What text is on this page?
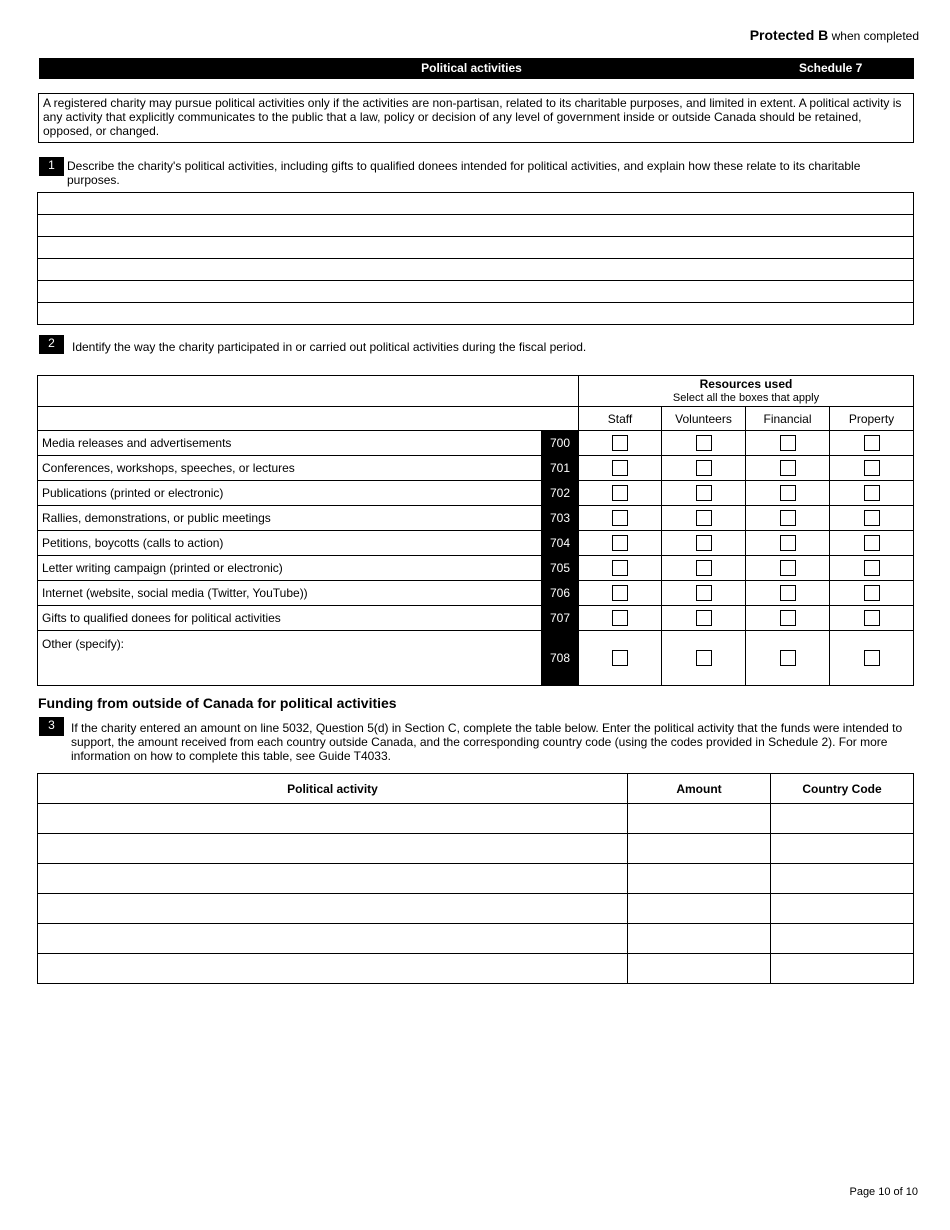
Protected B when completed
Political activities	Schedule 7
A registered charity may pursue political activities only if the activities are non-partisan, related to its charitable purposes, and limited in extent. A political activity is any activity that explicitly communicates to the public that a law, policy or decision of any level of government inside or outside Canada should be retained, opposed, or changed.
1	Describe the charity's political activities, including gifts to qualified donees intended for political activities, and explain how these relate to its charitable purposes.
2	Identify the way the charity participated in or carried out political activities during the fiscal period.

		Resources used
Select all the boxes that apply			

		Staff	Volunteers	Financial	Property
Media releases and advertisements	700				
Conferences, workshops, speeches, or lectures	701				
Publications (printed or electronic)	702				
Rallies, demonstrations, or public meetings	703				
Petitions, boycotts (calls to action)	704				
Letter writing campaign (printed or electronic)	705				
Internet (website, social media (Twitter, YouTube))	706				
Gifts to qualified donees for political activities	707				
Other (specify):	708				
Funding from outside of Canada for political activities
3	If the charity entered an amount on line 5032, Question 5(d) in Section C, complete the table below. Enter the political activity that the funds were intended to support, the amount received from each country outside Canada, and the corresponding country code (using the codes provided in Schedule 2). For more information on how to complete this table, see Guide T4033.
Political activity	Amount	Country Code

Page 10 of 10
